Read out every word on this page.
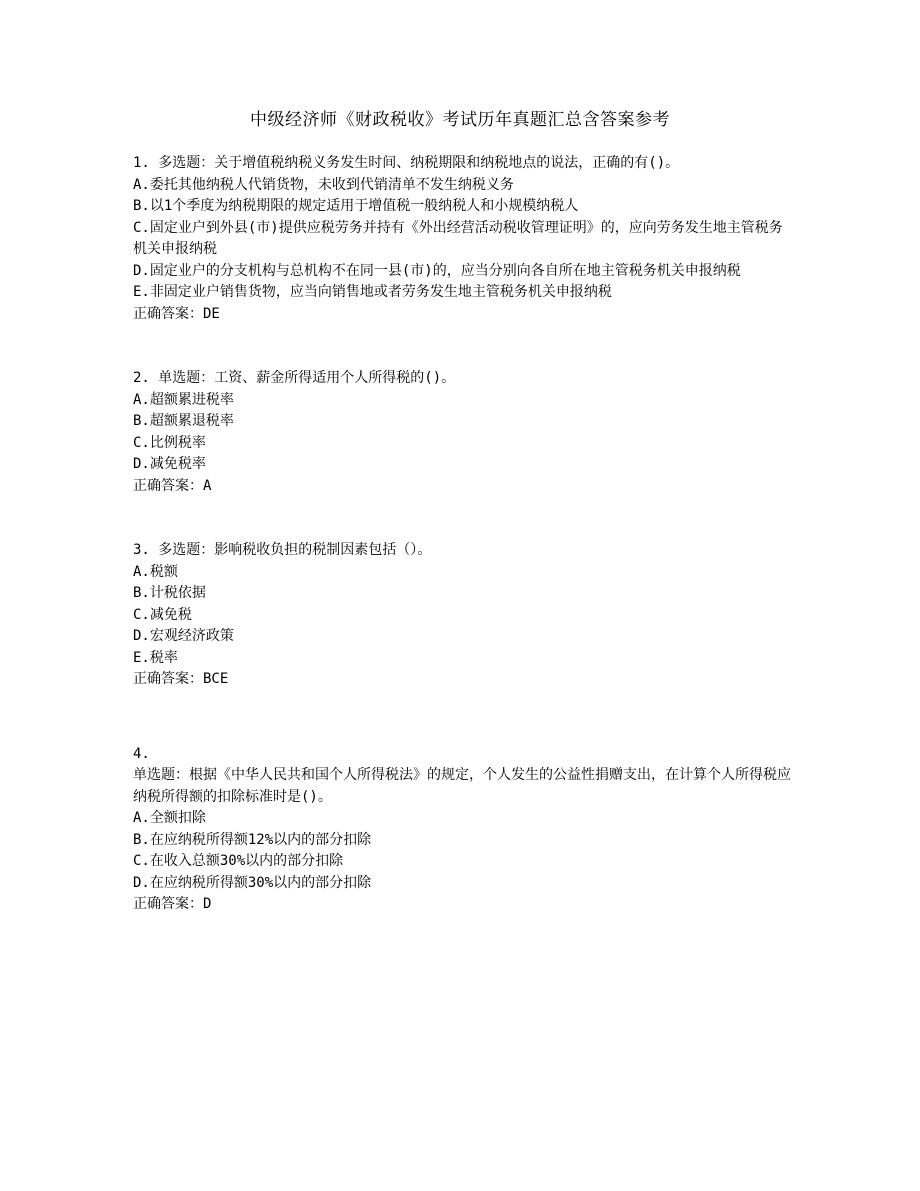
中级经济师《财政税收》考试历年真题汇总含答案参考
1. 多选题：关于增值税纳税义务发生时间、纳税期限和纳税地点的说法，正确的有()。
A.委托其他纳税人代销货物，未收到代销清单不发生纳税义务
B.以1个季度为纳税期限的规定适用于增值税一般纳税人和小规模纳税人
C.固定业户到外县(市)提供应税劳务并持有《外出经营活动税收管理证明》的，应向劳务发生地主管税务机关申报纳税
D.固定业户的分支机构与总机构不在同一县(市)的，应当分别向各自所在地主管税务机关申报纳税
E.非固定业户销售货物，应当向销售地或者劳务发生地主管税务机关申报纳税
正确答案：DE
2. 单选题：工资、薪金所得适用个人所得税的()。
A.超额累进税率
B.超额累退税率
C.比例税率
D.减免税率
正确答案：A
3. 多选题：影响税收负担的税制因素包括（）。
A.税额
B.计税依据
C.减免税
D.宏观经济政策
E.税率
正确答案：BCE
4.
单选题：根据《中华人民共和国个人所得税法》的规定，个人发生的公益性捐赠支出，在计算个人所得税应纳税所得额的扣除标准时是()。
A.全额扣除
B.在应纳税所得额12%以内的部分扣除
C.在收入总额30%以内的部分扣除
D.在应纳税所得额30%以内的部分扣除
正确答案：D
